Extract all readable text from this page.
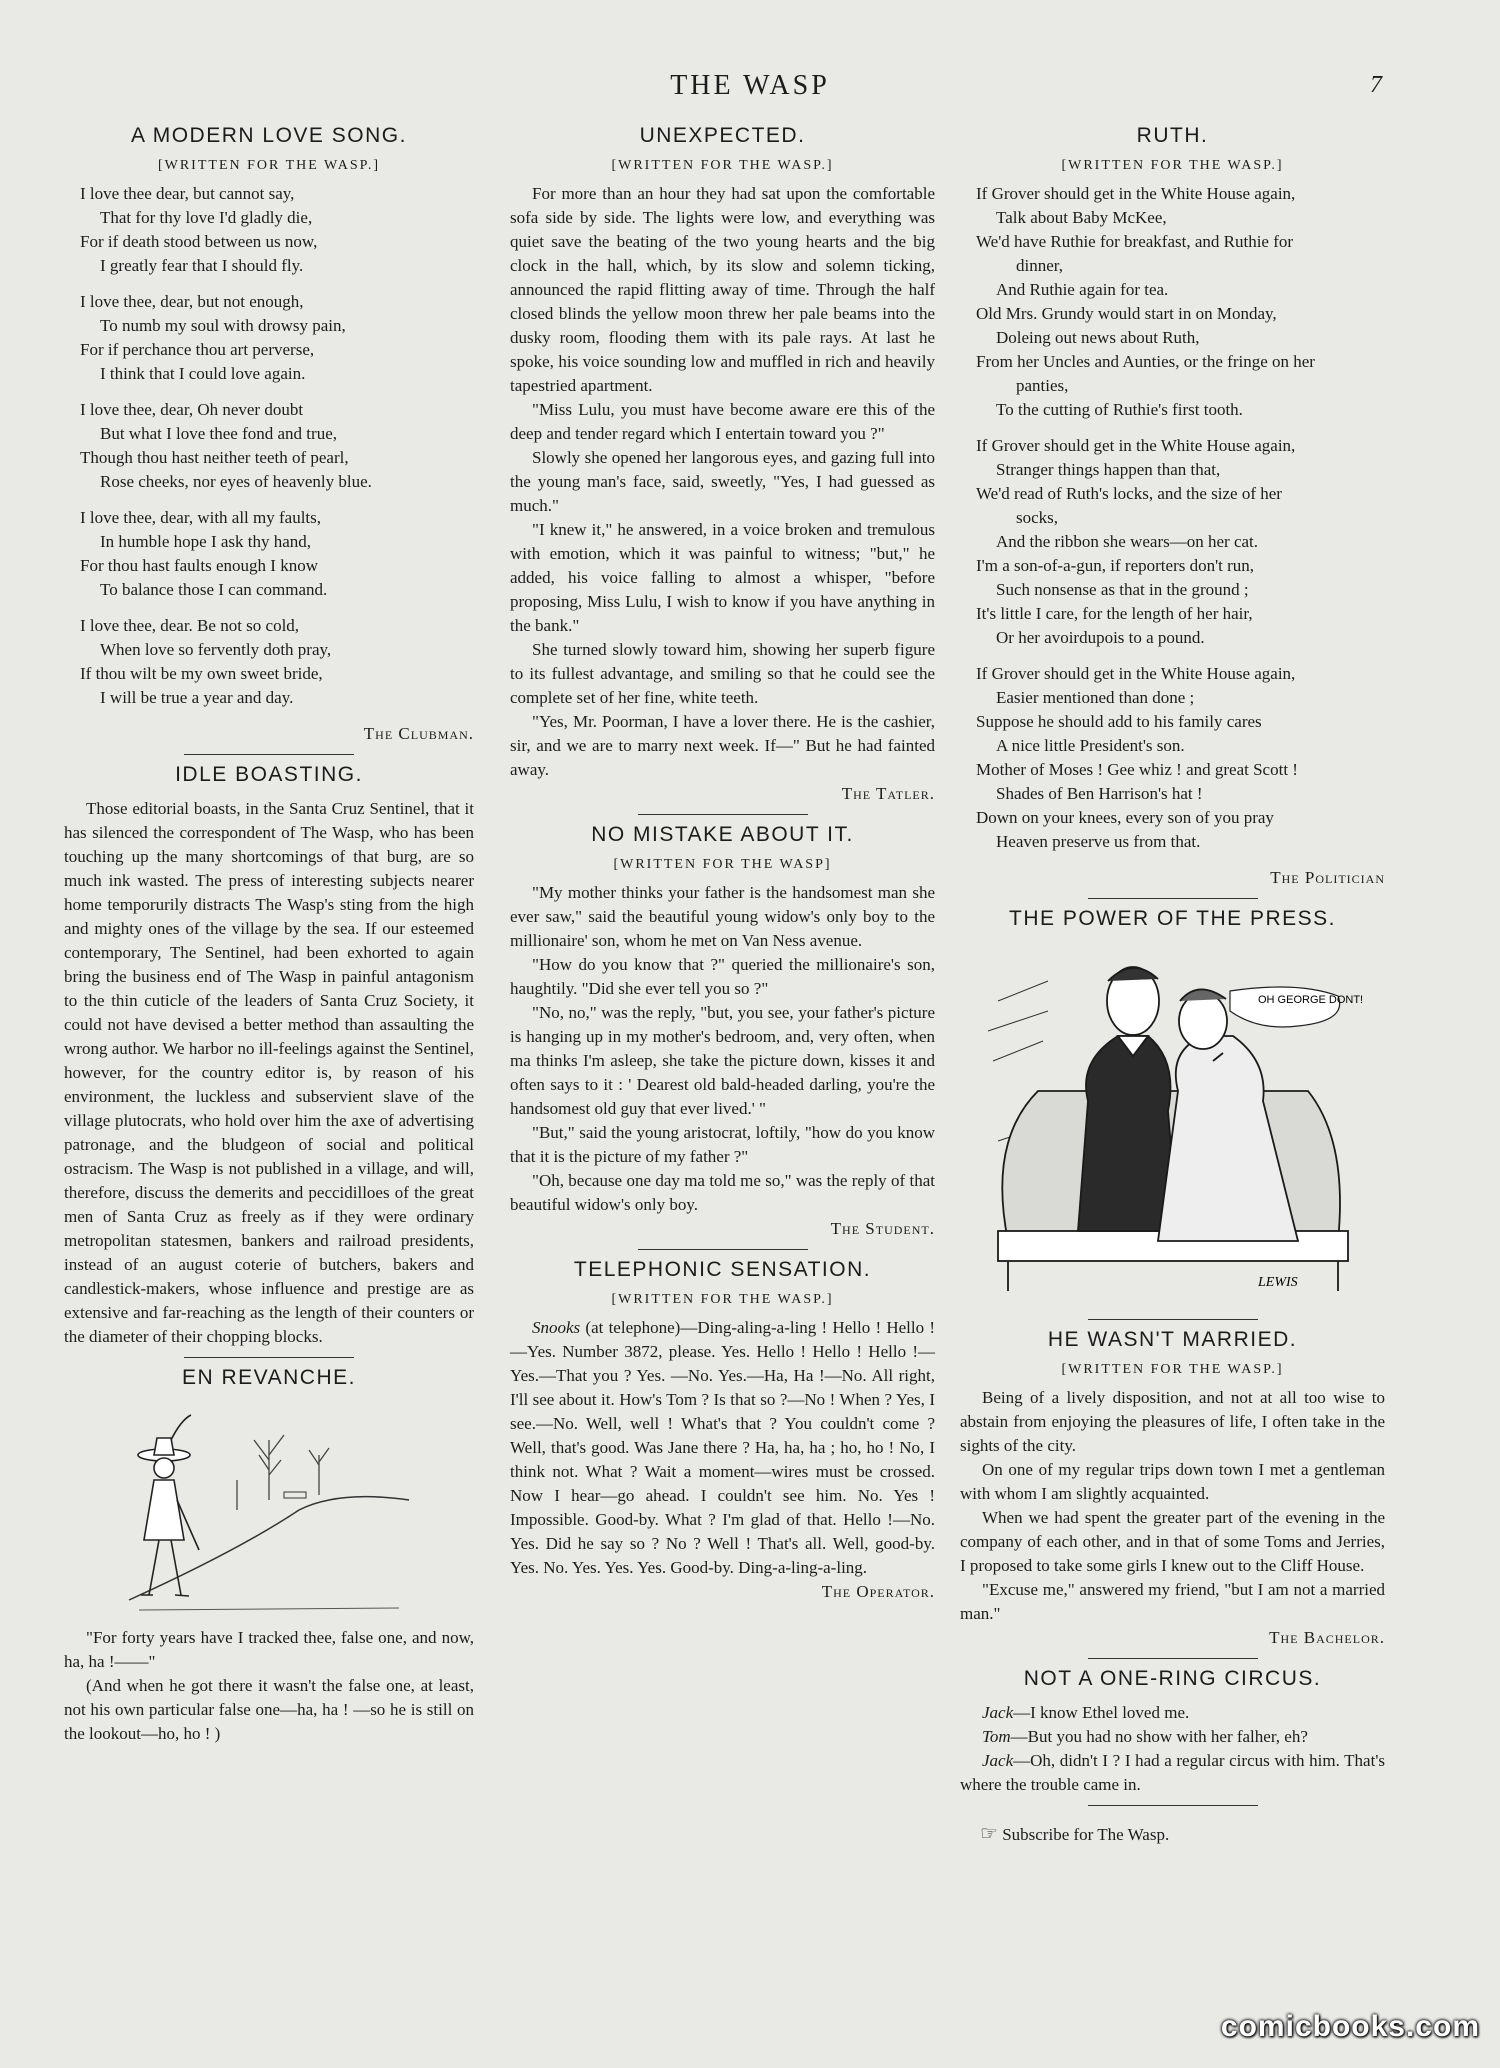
THE WASP	7
A MODERN LOVE SONG.
[WRITTEN FOR THE WASP.]
I love thee dear, but cannot say,
That for thy love I'd gladly die,
For if death stood between us now,
I greatly fear that I should fly.
I love thee, dear, but not enough,
To numb my soul with drowsy pain,
For if perchance thou art perverse,
I think that I could love again.
I love thee, dear, Oh never doubt
But what I love thee fond and true,
Though thou hast neither teeth of pearl,
Rose cheeks, nor eyes of heavenly blue.
I love thee, dear, with all my faults,
In humble hope I ask thy hand,
For thou hast faults enough I know
To balance those I can command.
I love thee, dear. Be not so cold,
When love so fervently doth pray,
If thou wilt be my own sweet bride,
I will be true a year and day.
The Clubman.
IDLE BOASTING.

Those editorial boasts, in the Santa Cruz Sentinel, that it has silenced the correspondent of The Wasp, who has been touching up the many shortcomings of that burg, are so much ink wasted. The press of interesting subjects nearer home temporurily distracts The Wasp's sting from the high and mighty ones of the village by the sea. If our esteemed contemporary, The Sentinel, had been exhorted to again bring the business end of The Wasp in painful antagonism to the thin cuticle of the leaders of Santa Cruz Society, it could not have devised a better method than assaulting the wrong author. We harbor no ill-feelings against the Sentinel, however, for the country editor is, by reason of his environment, the luckless and subservient slave of the village plutocrats, who hold over him the axe of advertising patronage, and the bludgeon of social and political ostracism. The Wasp is not published in a village, and will, therefore, discuss the demerits and peccidilloes of the great men of Santa Cruz as freely as if they were ordinary metropolitan statesmen, bankers and railroad presidents, instead of an august coterie of butchers, bakers and candlestick-makers, whose influence and prestige are as extensive and far-reaching as the length of their counters or the diameter of their chopping blocks.

EN REVANCHE.

"For forty years have I tracked thee, false one, and now, ha, ha !——"

(And when he got there it wasn't the false one, at least, not his own particular false one—ha, ha ! —so he is still on the lookout—ho, ho ! )

UNEXPECTED.
[WRITTEN FOR THE WASP.]

For more than an hour they had sat upon the comfortable sofa side by side. The lights were low, and everything was quiet save the beating of the two young hearts and the big clock in the hall, which, by its slow and solemn ticking, announced the rapid flitting away of time. Through the half closed blinds the yellow moon threw her pale beams into the dusky room, flooding them with its pale rays. At last he spoke, his voice sounding low and muffled in rich and heavily tapestried apartment.

"Miss Lulu, you must have become aware ere this of the deep and tender regard which I entertain toward you ?"

Slowly she opened her langorous eyes, and gazing full into the young man's face, said, sweetly, "Yes, I had guessed as much."

"I knew it," he answered, in a voice broken and tremulous with emotion, which it was painful to witness; "but," he added, his voice falling to almost a whisper, "before proposing, Miss Lulu, I wish to know if you have anything in the bank."

She turned slowly toward him, showing her superb figure to its fullest advantage, and smiling so that he could see the complete set of her fine, white teeth.

"Yes, Mr. Poorman, I have a lover there. He is the cashier, sir, and we are to marry next week. If—" But he had fainted away.

The Tatler.
NO MISTAKE ABOUT IT.
[WRITTEN FOR THE WASP]

"My mother thinks your father is the handsomest man she ever saw," said the beautiful young widow's only boy to the millionaire' son, whom he met on Van Ness avenue.

"How do you know that ?" queried the millionaire's son, haughtily. "Did she ever tell you so ?"

"No, no," was the reply, "but, you see, your father's picture is hanging up in my mother's bedroom, and, very often, when ma thinks I'm asleep, she take the picture down, kisses it and often says to it : ' Dearest old bald-headed darling, you're the handsomest old guy that ever lived.' "

"But," said the young aristocrat, loftily, "how do you know that it is the picture of my father ?"

"Oh, because one day ma told me so," was the reply of that beautiful widow's only boy.

The Student.
TELEPHONIC SENSATION.
[WRITTEN FOR THE WASP.]

Snooks (at telephone)—Ding-aling-a-ling ! Hello ! Hello !—Yes. Number 3872, please. Yes. Hello ! Hello ! Hello !—Yes.—That you ? Yes. —No. Yes.—Ha, Ha !—No. All right, I'll see about it. How's Tom ? Is that so ?—No ! When ? Yes, I see.—No. Well, well ! What's that ? You couldn't come ? Well, that's good. Was Jane there ? Ha, ha, ha ; ho, ho ! No, I think not. What ? Wait a moment—wires must be crossed. Now I hear—go ahead. I couldn't see him. No. Yes ! Impossible. Good-by. What ? I'm glad of that. Hello !—No. Yes. Did he say so ? No ? Well ! That's all. Well, good-by. Yes. No. Yes. Yes. Yes. Good-by. Ding-a-ling-a-ling.

The Operator.
RUTH.
[WRITTEN FOR THE WASP.]
If Grover should get in the White House again,
Talk about Baby McKee,
We'd have Ruthie for breakfast, and Ruthie for
dinner,
And Ruthie again for tea.
Old Mrs. Grundy would start in on Monday,
Doleing out news about Ruth,
From her Uncles and Aunties, or the fringe on her
panties,
To the cutting of Ruthie's first tooth.
If Grover should get in the White House again,
Stranger things happen than that,
We'd read of Ruth's locks, and the size of her
socks,
And the ribbon she wears—on her cat.
I'm a son-of-a-gun, if reporters don't run,
Such nonsense as that in the ground ;
It's little I care, for the length of her hair,
Or her avoirdupois to a pound.
If Grover should get in the White House again,
Easier mentioned than done ;
Suppose he should add to his family cares
A nice little President's son.
Mother of Moses ! Gee whiz ! and great Scott !
Shades of Ben Harrison's hat !
Down on your knees, every son of you pray
Heaven preserve us from that.
The Politician
THE POWER OF THE PRESS.
OH GEORGE DONT!
LEWIS
HE WASN'T MARRIED.
[WRITTEN FOR THE WASP.]

Being of a lively disposition, and not at all too wise to abstain from enjoying the pleasures of life, I often take in the sights of the city.

On one of my regular trips down town I met a gentleman with whom I am slightly acquainted.

When we had spent the greater part of the evening in the company of each other, and in that of some Toms and Jerries, I proposed to take some girls I knew out to the Cliff House.

"Excuse me," answered my friend, "but I am not a married man."

The Bachelor.
NOT A ONE-RING CIRCUS.

Jack—I know Ethel loved me.

Tom—But you had no show with her falher, eh?

Jack—Oh, didn't I ? I had a regular circus with him. That's where the trouble came in.

☞ Subscribe for The Wasp.
comicbooks.com
